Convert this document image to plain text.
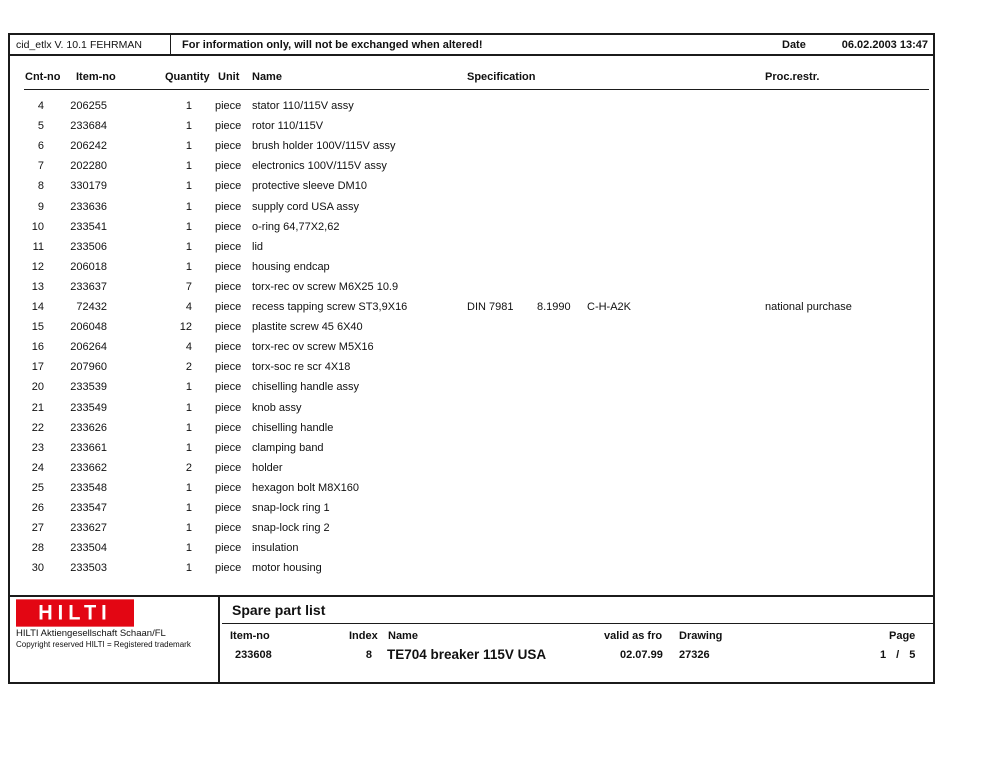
cid_etlx V. 10.1 FEHRMAN	For information only, will not be exchanged when altered!	Date	06.02.2003 13:47
Cnt-no Item-no	Quantity Unit Name	Specification	Proc.restr.
4	206255	1 piece stator 110/115V assy
5	233684	1 piece rotor 110/115V
6	206242	1 piece brush holder 100V/115V assy
7	202280	1 piece electronics 100V/115V assy
8	330179	1 piece protective sleeve DM10
9	233636	1 piece supply cord USA assy
10	233541	1 piece o-ring 64,77X2,62
11	233506	1 piece lid
12	206018	1 piece housing endcap
13	233637	7 piece torx-rec ov screw M6X25 10.9
14	72432	4 piece recess tapping screw ST3,9X16	DIN 7981 8.1990 C-H-A2K	national purchase
15	206048	12 piece plastite screw 45 6X40
16	206264	4 piece torx-rec ov screw M5X16
17	207960	2 piece torx-soc re scr 4X18
20	233539	1 piece chiselling handle assy
21	233549	1 piece knob assy
22	233626	1 piece chiselling handle
23	233661	1 piece clamping band
24	233662	2 piece holder
25	233548	1 piece hexagon bolt M8X160
26	233547	1 piece snap-lock ring 1
27	233627	1 piece snap-lock ring 2
28	233504	1 piece insulation
30	233503	1 piece motor housing
HILTI
HILTI Aktiengesellschaft Schaan/FL
Copyright reserved HILTI = Registered trademark
Spare part list
Item-no	Index Name	valid as fro Drawing	Page
233608	8 TE704 breaker 115V USA	02.07.99 27326	1 / 5
